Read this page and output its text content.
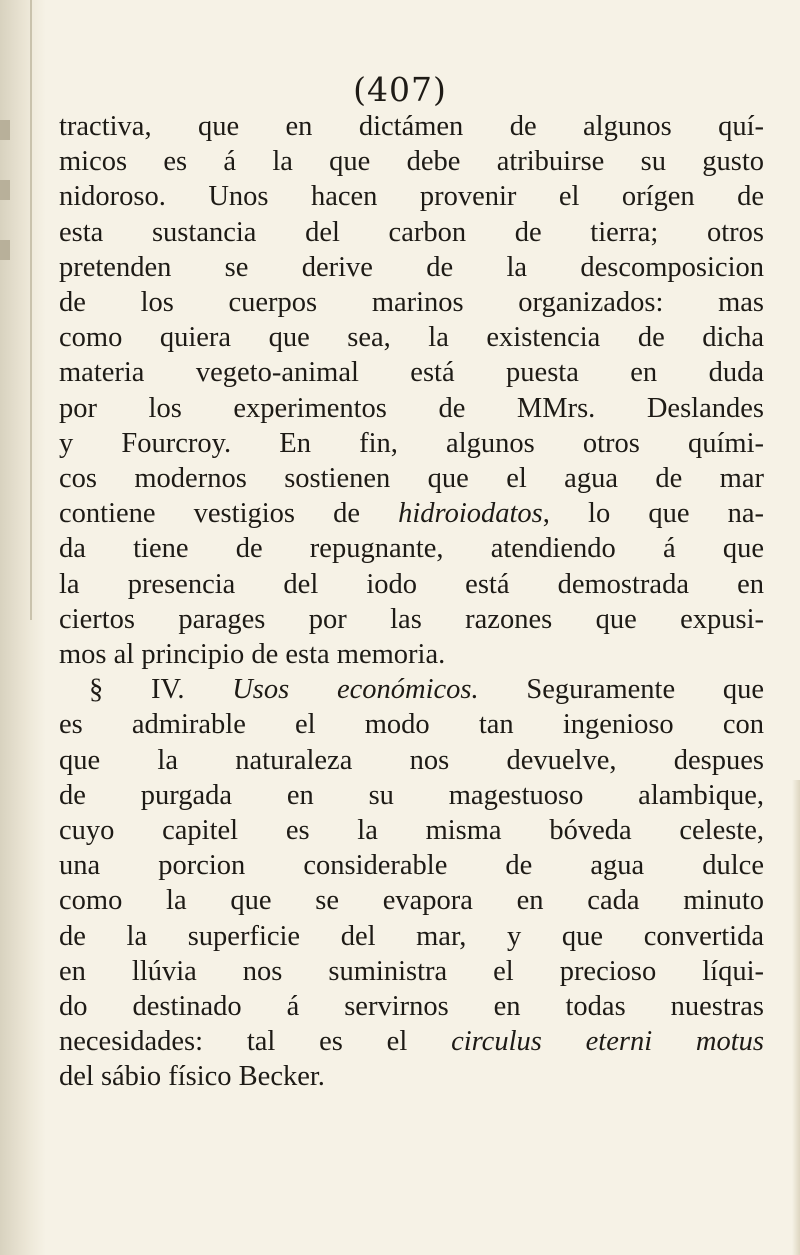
(407)
tractiva, que en dictámen de algunos quí-
micos es á la que debe atribuirse su gusto
nidoroso. Unos hacen provenir el orígen de
esta sustancia del carbon de tierra; otros
pretenden se derive de la descomposicion
de los cuerpos marinos organizados: mas
como quiera que sea, la existencia de dicha
materia vegeto-animal está puesta en duda
por los experimentos de MMrs. Deslandes
y Fourcroy. En fin, algunos otros quími-
cos modernos sostienen que el agua de mar
contiene vestigios de hidroiodatos, lo que na-
da tiene de repugnante, atendiendo á que
la presencia del iodo está demostrada en
ciertos parages por las razones que expusi-
mos al principio de esta memoria.
§ IV. Usos económicos. Seguramente que
es admirable el modo tan ingenioso con
que la naturaleza nos devuelve, despues
de purgada en su magestuoso alambique,
cuyo capitel es la misma bóveda celeste,
una porcion considerable de agua dulce
como la que se evapora en cada minuto
de la superficie del mar, y que convertida
en llúvia nos suministra el precioso líqui-
do destinado á servirnos en todas nuestras
necesidades: tal es el circulus eterni motus
del sábio físico Becker.
